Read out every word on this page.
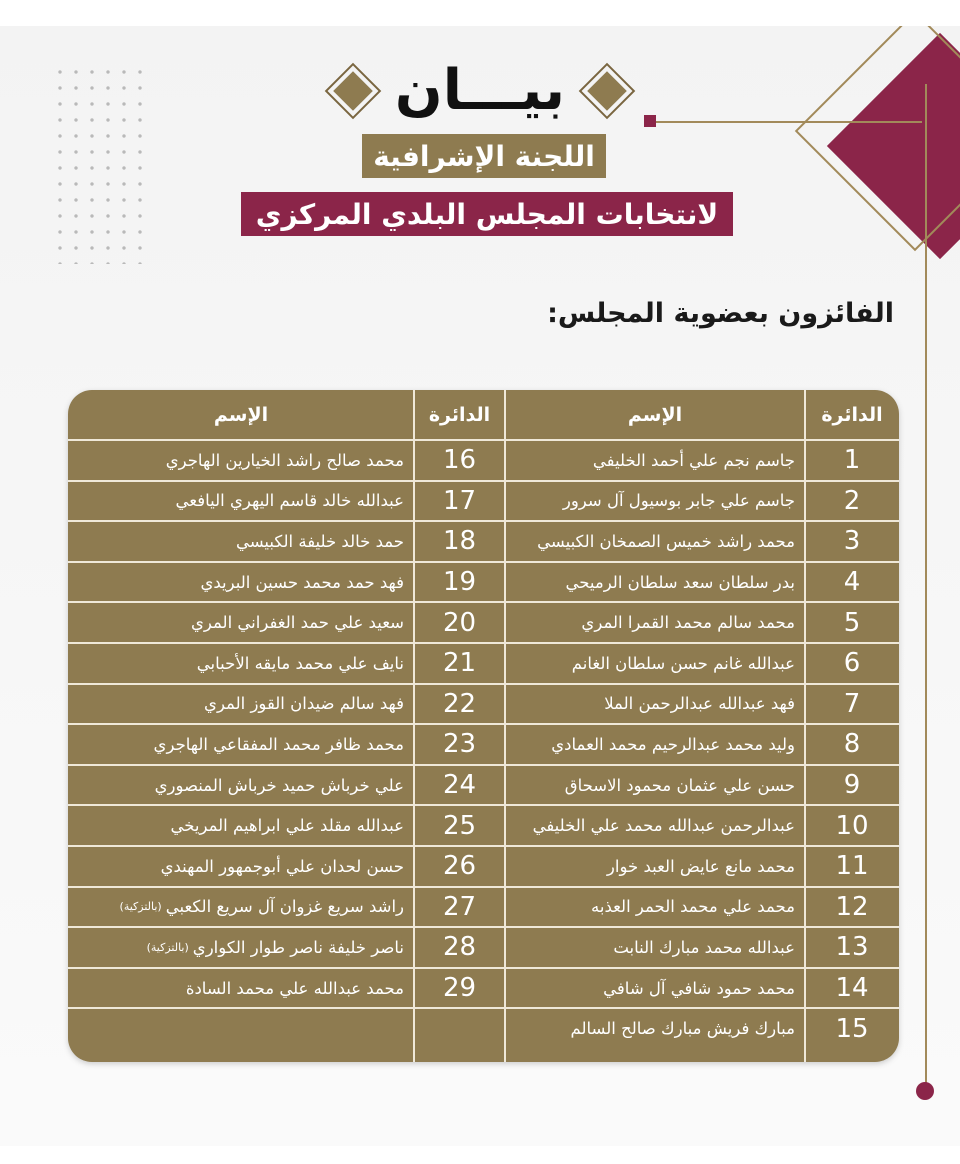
بيـــان
اللجنة الإشرافية
لانتخابات المجلس البلدي المركزي
الفائزون بعضوية المجلس:
الدائرة
الإسم
الدائرة
الإسم
1
جاسم نجم علي أحمد الخليفي
2
جاسم علي جابر بوسيول آل سرور
3
محمد راشد خميس الصمخان الكبيسي
4
بدر سلطان سعد سلطان الرميحي
5
محمد سالم محمد القمرا المري
6
عبدالله غانم حسن سلطان الغانم
7
فهد عبدالله عبدالرحمن الملا
8
وليد محمد عبدالرحيم محمد العمادي
9
حسن علي عثمان محمود الاسحاق
10
عبدالرحمن عبدالله محمد علي الخليفي
11
محمد مانع عايض العبد خوار
12
محمد علي محمد الحمر العذبه
13
عبدالله محمد مبارك النابت
14
محمد حمود شافي آل شافي
15
مبارك فريش مبارك صالح السالم
16
محمد صالح راشد الخيارين الهاجري
17
عبدالله خالد قاسم اليهري اليافعي
18
حمد خالد خليفة الكبيسي
19
فهد حمد محمد حسين البريدي
20
سعيد علي حمد الغفراني المري
21
نايف علي محمد مايقه الأحبابي
22
فهد سالم ضيدان القوز المري
23
محمد ظافر محمد المفقاعي الهاجري
24
علي خرباش حميد خرباش المنصوري
25
عبدالله مقلد علي ابراهيم المريخي
26
حسن لحدان علي أبوجمهور المهندي
27
راشد سريع غزوان آل سريع الكعبي
(بالتزكية)
28
ناصر خليفة ناصر طوار الكواري
(بالتزكية)
29
محمد عبدالله علي محمد السادة
